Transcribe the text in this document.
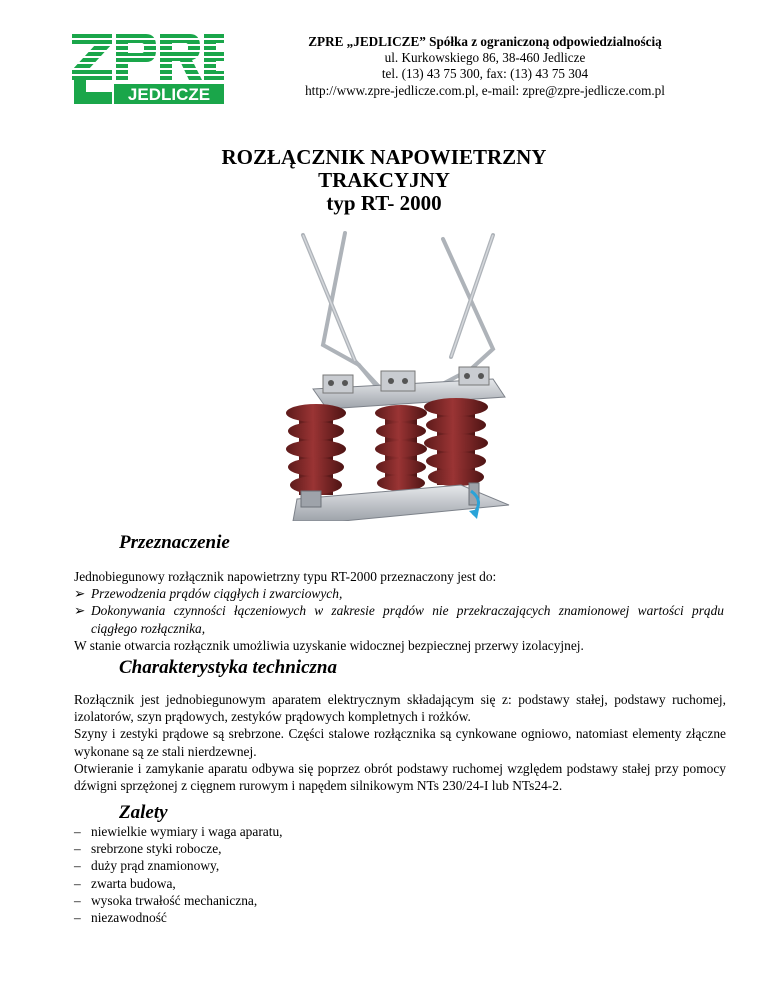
JEDLICZE
ZPRE „JEDLICZE” Spółka z ograniczoną odpowiedzialnością
ul. Kurkowskiego 86, 38-460 Jedlicze
tel. (13) 43 75 300, fax: (13) 43 75 304
http://www.zpre-jedlicze.com.pl, e-mail: zpre@zpre-jedlicze.com.pl
ROZŁĄCZNIK NAPOWIETRZNY
TRAKCYJNY
typ RT- 2000
Przeznaczenie
Jednobiegunowy rozłącznik napowietrzny typu RT-2000 przeznaczony jest do:
➢ Przewodzenia prądów ciągłych i zwarciowych,
➢ Dokonywania czynności łączeniowych w zakresie prądów nie przekraczających znamionowej wartości prądu ciągłego rozłącznika,
W stanie otwarcia rozłącznik umożliwia uzyskanie widocznej bezpiecznej przerwy izolacyjnej.
Charakterystyka techniczna
Rozłącznik jest jednobiegunowym aparatem elektrycznym składającym się z: podstawy stałej, podstawy ruchomej, izolatorów, szyn prądowych, zestyków prądowych kompletnych i rożków.
Szyny i zestyki prądowe są srebrzone. Części stalowe rozłącznika są cynkowane ogniowo, natomiast elementy złączne wykonane są ze stali nierdzewnej.
Otwieranie i zamykanie aparatu odbywa się poprzez obrót podstawy ruchomej względem podstawy stałej przy pomocy dźwigni sprzężonej z cięgnem rurowym i napędem silnikowym NTs 230/24-I lub NTs24-2.
Zalety
– niewielkie wymiary i waga aparatu,
– srebrzone styki robocze,
– duży prąd znamionowy,
– zwarta budowa,
– wysoka trwałość mechaniczna,
– niezawodność
